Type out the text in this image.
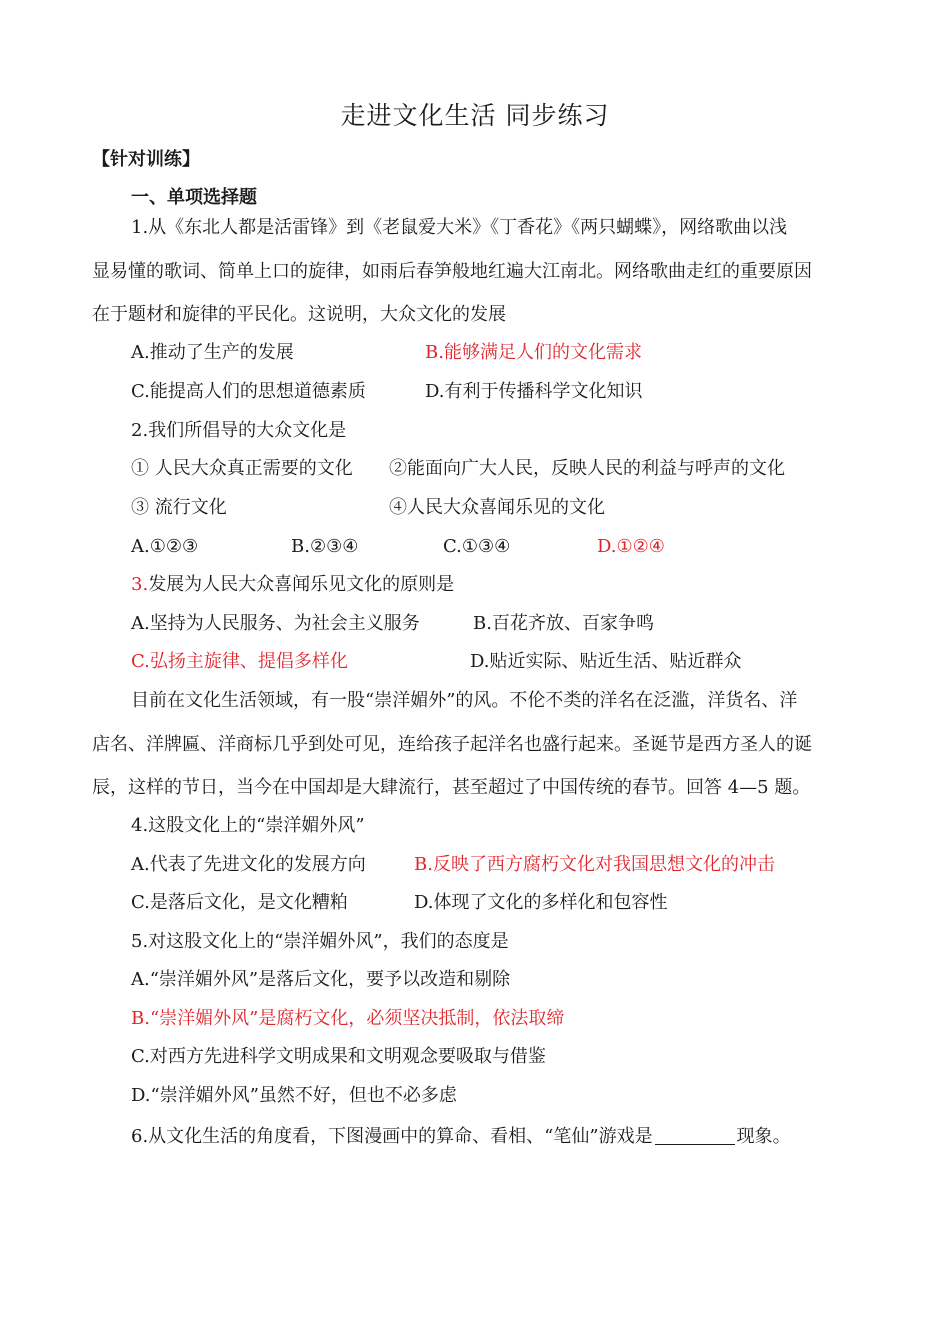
走进文化生活 同步练习
【针对训练】
一、单项选择题
1.从《东北人都是活雷锋》到《老鼠爱大米》《丁香花》《两只蝴蝶》，网络歌曲以浅
显易懂的歌词、简单上口的旋律，如雨后春笋般地红遍大江南北。网络歌曲走红的重要原因
在于题材和旋律的平民化。这说明，大众文化的发展
A.推动了生产的发展	B.能够满足人们的文化需求
C.能提高人们的思想道德素质	D.有利于传播科学文化知识
2.我们所倡导的大众文化是
① 人民大众真正需要的文化 ②能面向广大人民，反映人民的利益与呼声的文化
③ 流行文化	④人民大众喜闻乐见的文化
A.①②③	B.②③④	C.①③④	D.①②④
3.发展为人民大众喜闻乐见文化的原则是
A.坚持为人民服务、为社会主义服务	B.百花齐放、百家争鸣
C.弘扬主旋律、提倡多样化	D.贴近实际、贴近生活、贴近群众
目前在文化生活领域，有一股“崇洋媚外”的风。不伦不类的洋名在泛滥，洋货名、洋
店名、洋牌匾、洋商标几乎到处可见，连给孩子起洋名也盛行起来。圣诞节是西方圣人的诞
辰，这样的节日，当今在中国却是大肆流行，甚至超过了中国传统的春节。回答 4—5 题。
4.这股文化上的“崇洋媚外风”
A.代表了先进文化的发展方向	B.反映了西方腐朽文化对我国思想文化的冲击
C.是落后文化，是文化糟粕	D.体现了文化的多样化和包容性
5.对这股文化上的“崇洋媚外风”，我们的态度是
A.“崇洋媚外风”是落后文化，要予以改造和剔除
B.“崇洋媚外风”是腐朽文化，必须坚决抵制，依法取缔
C.对西方先进科学文明成果和文明观念要吸取与借鉴
D.“崇洋媚外风”虽然不好，但也不必多虑
6.从文化生活的角度看，下图漫画中的算命、看相、“笔仙”游戏是	现象。
